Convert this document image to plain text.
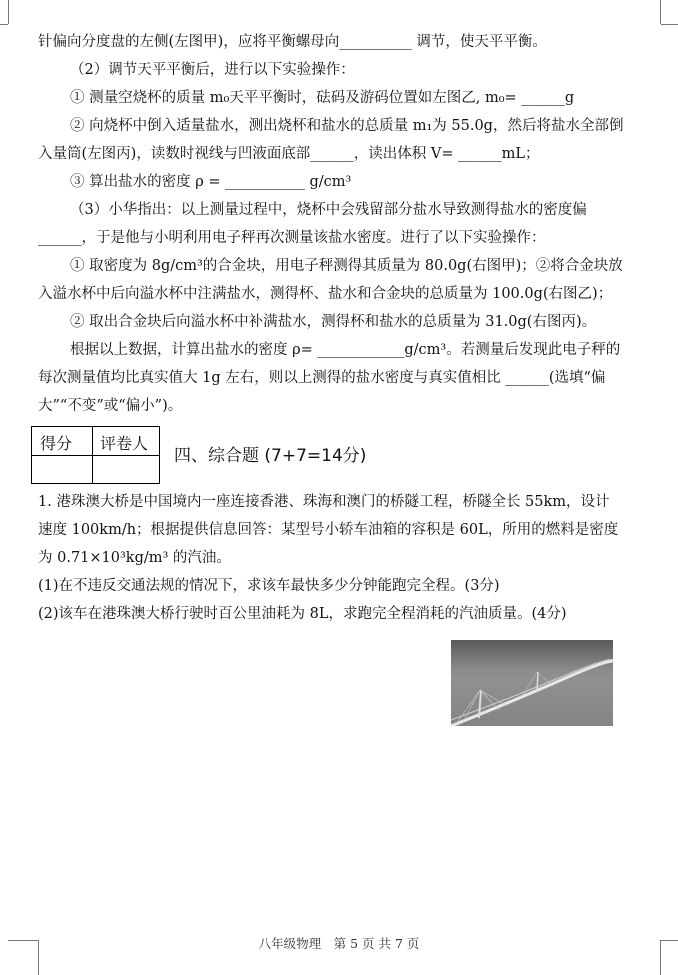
针偏向分度盘的左侧(左图甲)，应将平衡螺母向__________ 调节，使天平平衡。
（2）调节天平平衡后，进行以下实验操作：
① 测量空烧杯的质量 m₀天平平衡时，砝码及游码位置如左图乙, m₀= ______g
② 向烧杯中倒入适量盐水，测出烧杯和盐水的总质量 m₁为 55.0g，然后将盐水全部倒
入量筒(左图丙)，读数时视线与凹液面底部______，读出体积 V= ______mL；
③ 算出盐水的密度 ρ = ___________ g/cm³
（3）小华指出：以上测量过程中，烧杯中会残留部分盐水导致测得盐水的密度偏
______，于是他与小明利用电子秤再次测量该盐水密度。进行了以下实验操作：
① 取密度为 8g/cm³的合金块，用电子秤测得其质量为 80.0g(右图甲)；②将合金块放
入溢水杯中后向溢水杯中注满盐水，测得杯、盐水和合金块的总质量为 100.0g(右图乙)；
② 取出合金块后向溢水杯中补满盐水，测得杯和盐水的总质量为 31.0g(右图丙)。
根据以上数据，计算出盐水的密度 ρ= ____________g/cm³。若测量后发现此电子秤的
每次测量值均比真实值大 1g 左右，则以上测得的盐水密度与真实值相比 ______(选填“偏
大”“不变”或“偏小”)。
得分 评卷人
四、综合题 (7+7=14分)
1. 港珠澳大桥是中国境内一座连接香港、珠海和澳门的桥隧工程，桥隧全长 55km，设计
速度 100km/h；根据提供信息回答：某型号小轿车油箱的容积是 60L，所用的燃料是密度
为 0.71×10³kg/m³ 的汽油。
(1)在不违反交通法规的情况下，求该车最快多少分钟能跑完全程。(3分)
(2)该车在港珠澳大桥行驶时百公里油耗为 8L，求跑完全程消耗的汽油质量。(4分)
八年级物理　第 5 页 共 7 页
